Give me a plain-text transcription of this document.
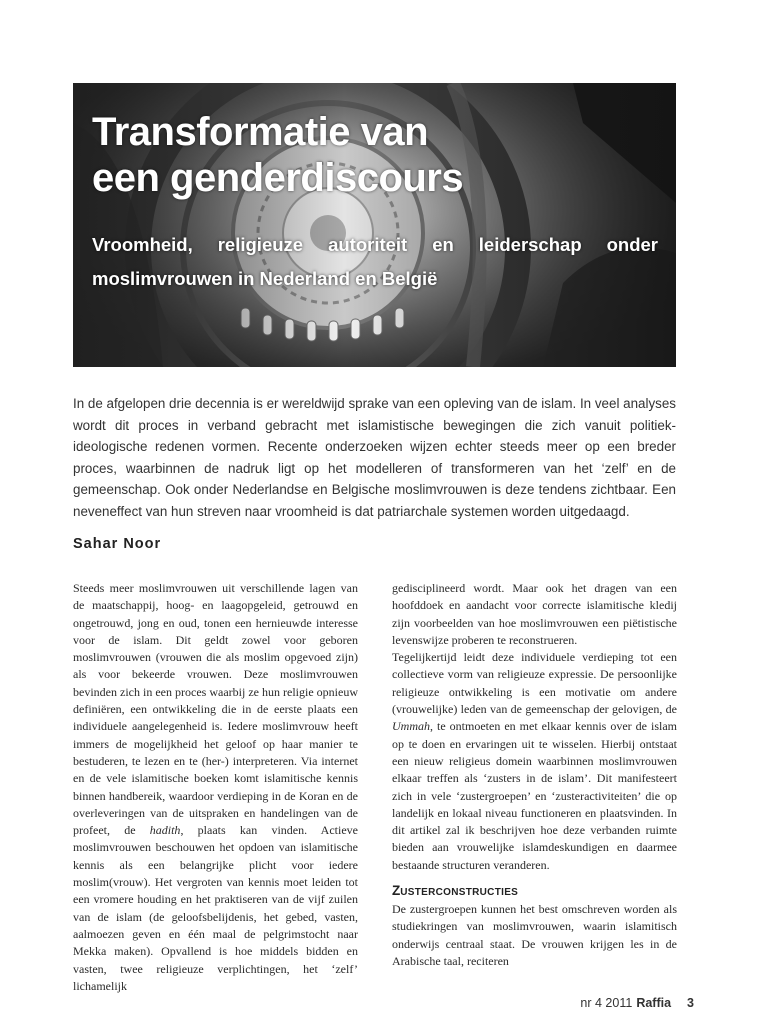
Transformatie van
een genderdiscours

Vroomheid, religieuze autoriteit en leiderschap onder moslimvrouwen in Nederland en België

In de afgelopen drie decennia is er wereldwijd sprake van een opleving van de islam. In veel analyses wordt dit proces in verband gebracht met islamistische bewegingen die zich vanuit politiek-ideologische redenen vormen. Recente onderzoeken wijzen echter steeds meer op een breder proces, waarbinnen de nadruk ligt op het modelleren of transformeren van het ‘zelf’ en de gemeenschap. Ook onder Nederlandse en Belgische moslimvrouwen is deze tendens zichtbaar. Een neveneffect van hun streven naar vroomheid is dat patriarchale systemen worden uitgedaagd.

Sahar Noor

Steeds meer moslimvrouwen uit verschillende lagen van de maatschappij, hoog- en laagopgeleid, getrouwd en ongetrouwd, jong en oud, tonen een hernieuwde interesse voor de islam. Dit geldt zowel voor geboren moslimvrouwen (vrouwen die als moslim opgevoed zijn) als voor bekeerde vrouwen. Deze moslimvrouwen bevinden zich in een proces waarbij ze hun religie opnieuw definiëren, een ontwikkeling die in de eerste plaats een individuele aangelegenheid is. Iedere moslimvrouw heeft immers de mogelijkheid het geloof op haar manier te bestuderen, te lezen en te (her-) interpreteren. Via internet en de vele islamitische boeken komt islamitische kennis binnen handbereik, waardoor verdieping in de Koran en de overleveringen van de uitspraken en handelingen van de profeet, de hadith, plaats kan vinden. Actieve moslimvrouwen beschouwen het opdoen van islamitische kennis als een belangrijke plicht voor iedere moslim(vrouw). Het vergroten van kennis moet leiden tot een vromere houding en het praktiseren van de vijf zuilen van de islam (de geloofsbelijdenis, het gebed, vasten, aalmoezen geven en één maal de pelgrimstocht naar Mekka maken). Opvallend is hoe middels bidden en vasten, twee religieuze verplichtingen, het ‘zelf’ lichamelijk

gedisciplineerd wordt. Maar ook het dragen van een hoofddoek en aandacht voor correcte islamitische kledij zijn voorbeelden van hoe moslimvrouwen een piëtistische levenswijze proberen te reconstrueren.

Tegelijkertijd leidt deze individuele verdieping tot een collectieve vorm van religieuze expressie. De persoonlijke religieuze ontwikkeling is een motivatie om andere (vrouwelijke) leden van de gemeenschap der gelovigen, de Ummah, te ontmoeten en met elkaar kennis over de islam op te doen en ervaringen uit te wisselen. Hierbij ontstaat een nieuw religieus domein waarbinnen moslimvrouwen elkaar treffen als ‘zusters in de islam’. Dit manifesteert zich in vele ‘zustergroepen’ en ‘zusteractiviteiten’ die op landelijk en lokaal niveau functioneren en plaatsvinden. In dit artikel zal ik beschrijven hoe deze verbanden ruimte bieden aan vrouwelijke islamdeskundigen en daarmee bestaande structuren veranderen.

ZUSTERCONSTRUCTIES

De zustergroepen kunnen het best omschreven worden als studiekringen van moslimvrouwen, waarin islamitisch onderwijs centraal staat. De vrouwen krijgen les in de Arabische taal, reciteren

nr 4 2011 Raffia 3
